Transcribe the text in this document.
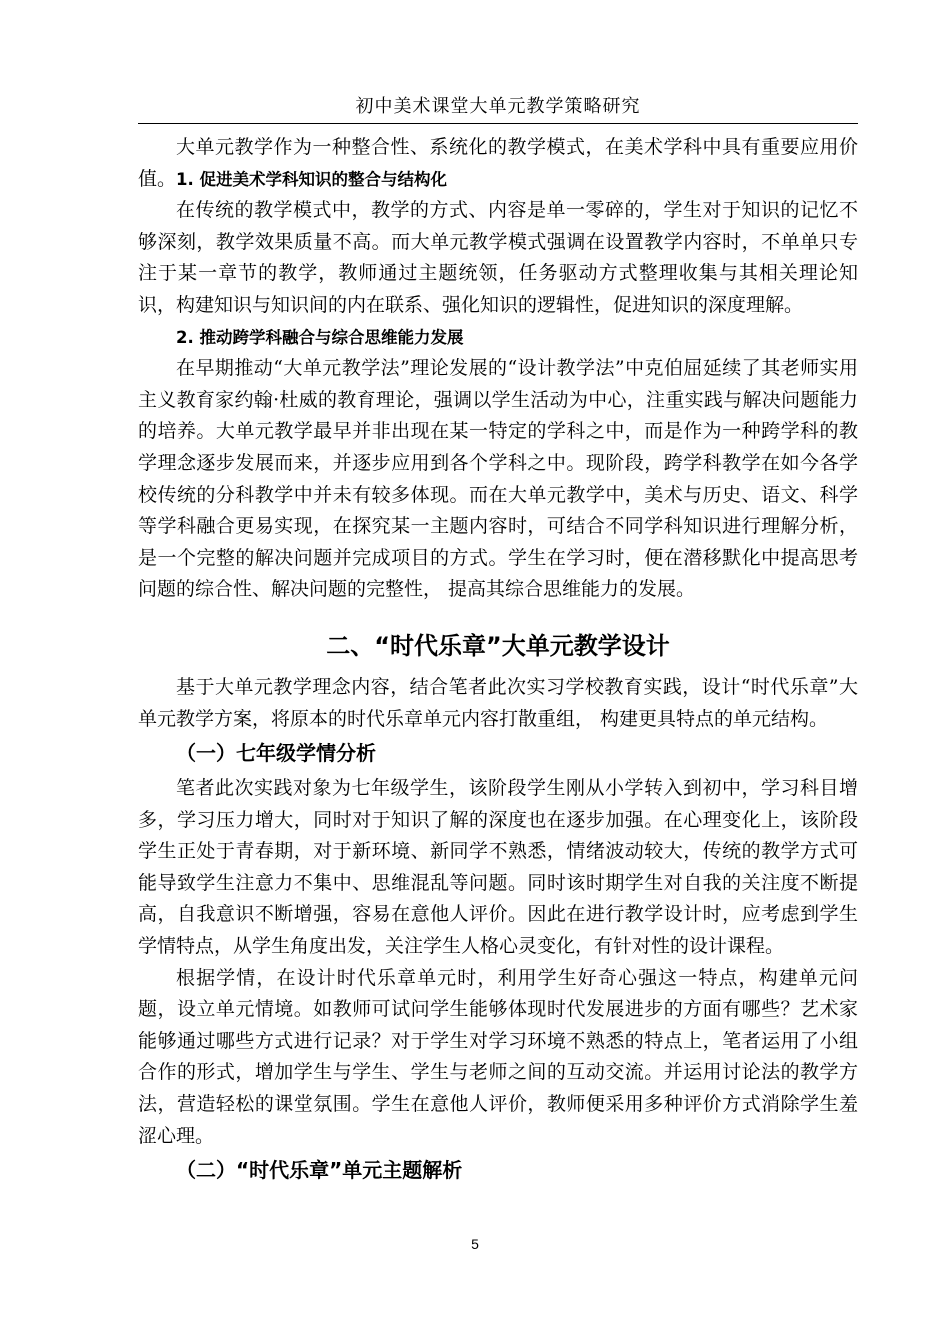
初中美术课堂大单元教学策略研究

大单元教学作为一种整合性、系统化的教学模式，在美术学科中具有重要应用价值。1. 促进美术学科知识的整合与结构化

在传统的教学模式中，教学的方式、内容是单一零碎的，学生对于知识的记忆不够深刻，教学效果质量不高。而大单元教学模式强调在设置教学内容时，不单单只专注于某一章节的教学，教师通过主题统领，任务驱动方式整理收集与其相关理论知识，构建知识与知识间的内在联系、强化知识的逻辑性，促进知识的深度理解。

2. 推动跨学科融合与综合思维能力发展

在早期推动“大单元教学法”理论发展的“设计教学法”中克伯屈延续了其老师实用主义教育家约翰·杜威的教育理论，强调以学生活动为中心，注重实践与解决问题能力的培养。大单元教学最早并非出现在某一特定的学科之中，而是作为一种跨学科的教学理念逐步发展而来，并逐步应用到各个学科之中。现阶段，跨学科教学在如今各学校传统的分科教学中并未有较多体现。而在大单元教学中，美术与历史、语文、科学等学科融合更易实现，在探究某一主题内容时，可结合不同学科知识进行理解分析，是一个完整的解决问题并完成项目的方式。学生在学习时，便在潜移默化中提高思考问题的综合性、解决问题的完整性， 提高其综合思维能力的发展。

二、“时代乐章”大单元教学设计

基于大单元教学理念内容，结合笔者此次实习学校教育实践，设计“时代乐章”大单元教学方案，将原本的时代乐章单元内容打散重组， 构建更具特点的单元结构。

（一）七年级学情分析

笔者此次实践对象为七年级学生，该阶段学生刚从小学转入到初中，学习科目增多，学习压力增大，同时对于知识了解的深度也在逐步加强。在心理变化上，该阶段学生正处于青春期，对于新环境、新同学不熟悉，情绪波动较大，传统的教学方式可能导致学生注意力不集中、思维混乱等问题。同时该时期学生对自我的关注度不断提高，自我意识不断增强，容易在意他人评价。因此在进行教学设计时，应考虑到学生学情特点，从学生角度出发，关注学生人格心灵变化，有针对性的设计课程。

根据学情，在设计时代乐章单元时，利用学生好奇心强这一特点，构建单元问题，设立单元情境。如教师可试问学生能够体现时代发展进步的方面有哪些？艺术家能够通过哪些方式进行记录？对于学生对学习环境不熟悉的特点上，笔者运用了小组合作的形式，增加学生与学生、学生与老师之间的互动交流。并运用讨论法的教学方法，营造轻松的课堂氛围。学生在意他人评价，教师便采用多种评价方式消除学生羞涩心理。

（二）“时代乐章”单元主题解析
5
